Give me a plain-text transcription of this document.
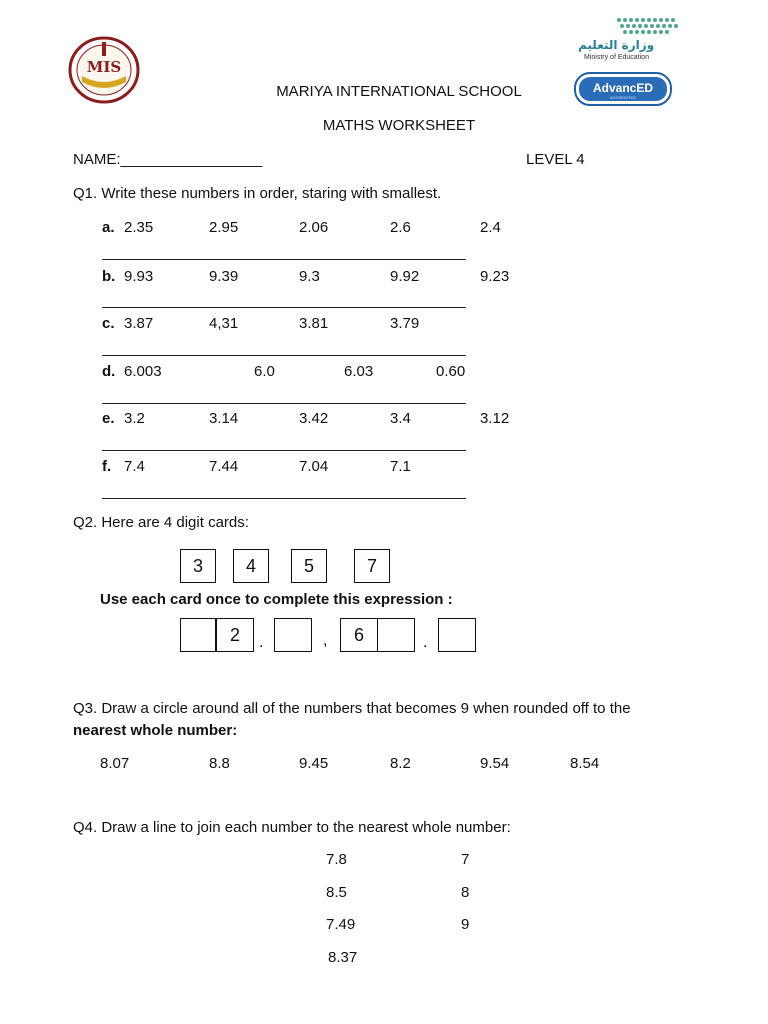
MIS
وزارة التعليم
Ministry of Education
AdvancED
ACCREDITED
MARIYA INTERNATIONAL SCHOOL
MATHS WORKSHEET
NAME:_________________	LEVEL 4
Q1. Write these numbers in order, staring with smallest.
a. 2.35	2.95	2.06	2.6	2.4
b. 9.93	9.39	9.3	9.92	9.23
c. 3.87	4,31	3.81	3.79
d. 6.003	6.0	6.03	0.60
e. 3.2	3.14	3.42	3.4	3.12
f. 7.4	7.44	7.04	7.1
Q2. Here are 4 digit cards:
3	4	5	7
Use each card once to complete this expression :
2	.	,	6	.
Q3. Draw a circle around all of the numbers that becomes 9 when rounded off to the
nearest whole number:
8.07	8.8	9.45	8.2	9.54	8.54
Q4. Draw a line to join each number to the nearest whole number:
7.8
8.5
7.49
8.37
7
8
9
